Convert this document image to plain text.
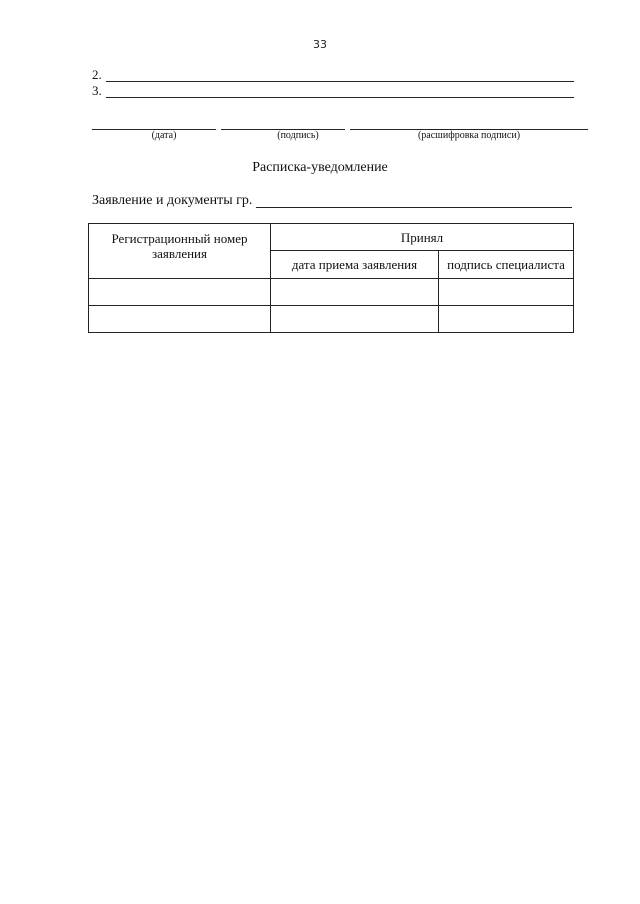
33
2.
3.
(дата)	(подпись)	(расшифровка подписи)
Расписка-уведомление
Заявление и документы гр.
Регистрационный номер заявления	Принял	
	дата приема заявления	подпись специалиста
